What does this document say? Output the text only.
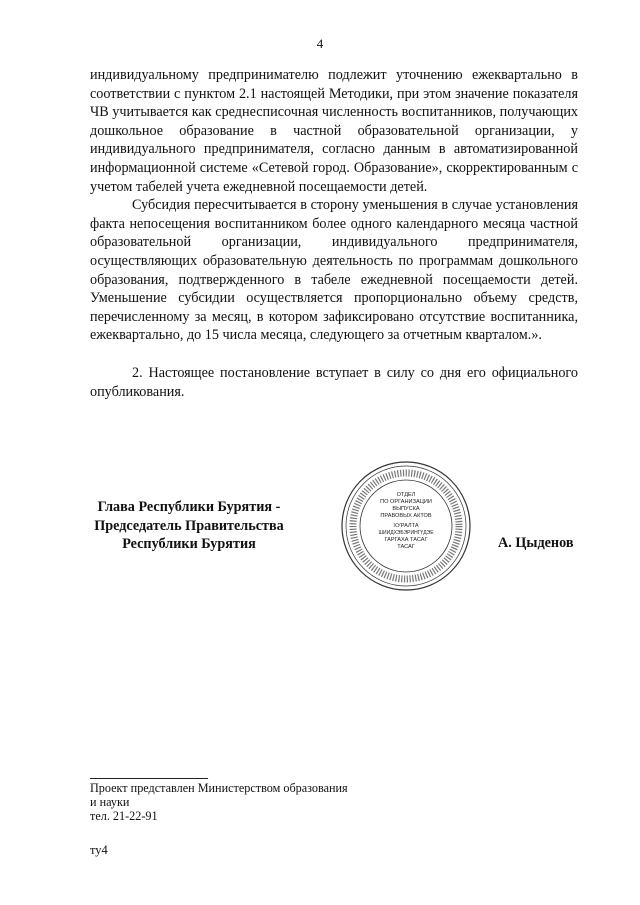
4

индивидуальному предпринимателю подлежит уточнению ежеквартально в соответствии с пунктом 2.1 настоящей Методики, при этом значение показателя ЧВ учитывается как среднесписочная численность воспитанников, получающих дошкольное образование в частной образовательной организации, у индивидуального предпринимателя, согласно данным в автоматизированной информационной системе «Сетевой город. Образование», скорректированным с учетом табелей учета ежедневной посещаемости детей.

Субсидия пересчитывается в сторону уменьшения в случае установления факта непосещения воспитанником более одного календарного месяца частной образовательной организации, индивидуального предпринимателя, осуществляющих образовательную деятельность по программам дошкольного образования, подтвержденного в табеле ежедневной посещаемости детей. Уменьшение субсидии осуществляется пропорционально объему средств, перечисленному за месяц, в котором зафиксировано отсутствие воспитанника, ежеквартально, до 15 числа месяца, следующего за отчетным кварталом.».

2. Настоящее постановление вступает в силу со дня его официального опубликования.

Глава Республики Бурятия -
Председатель Правительства
Республики Бурятия
ОТДЕЛ
ПО ОРГАНИЗАЦИИ
ВЫПУСКА
ПРАВОВЫХ АКТОВ
ХУРАЛТА
ШИИДХЭБЭРИНГҮДЭЕ
ГАРГАХА ТАСАГ
ТАСАГ	А. Цыденов
Проект представлен Министерством образования
и науки
тел. 21-22-91
ту4
